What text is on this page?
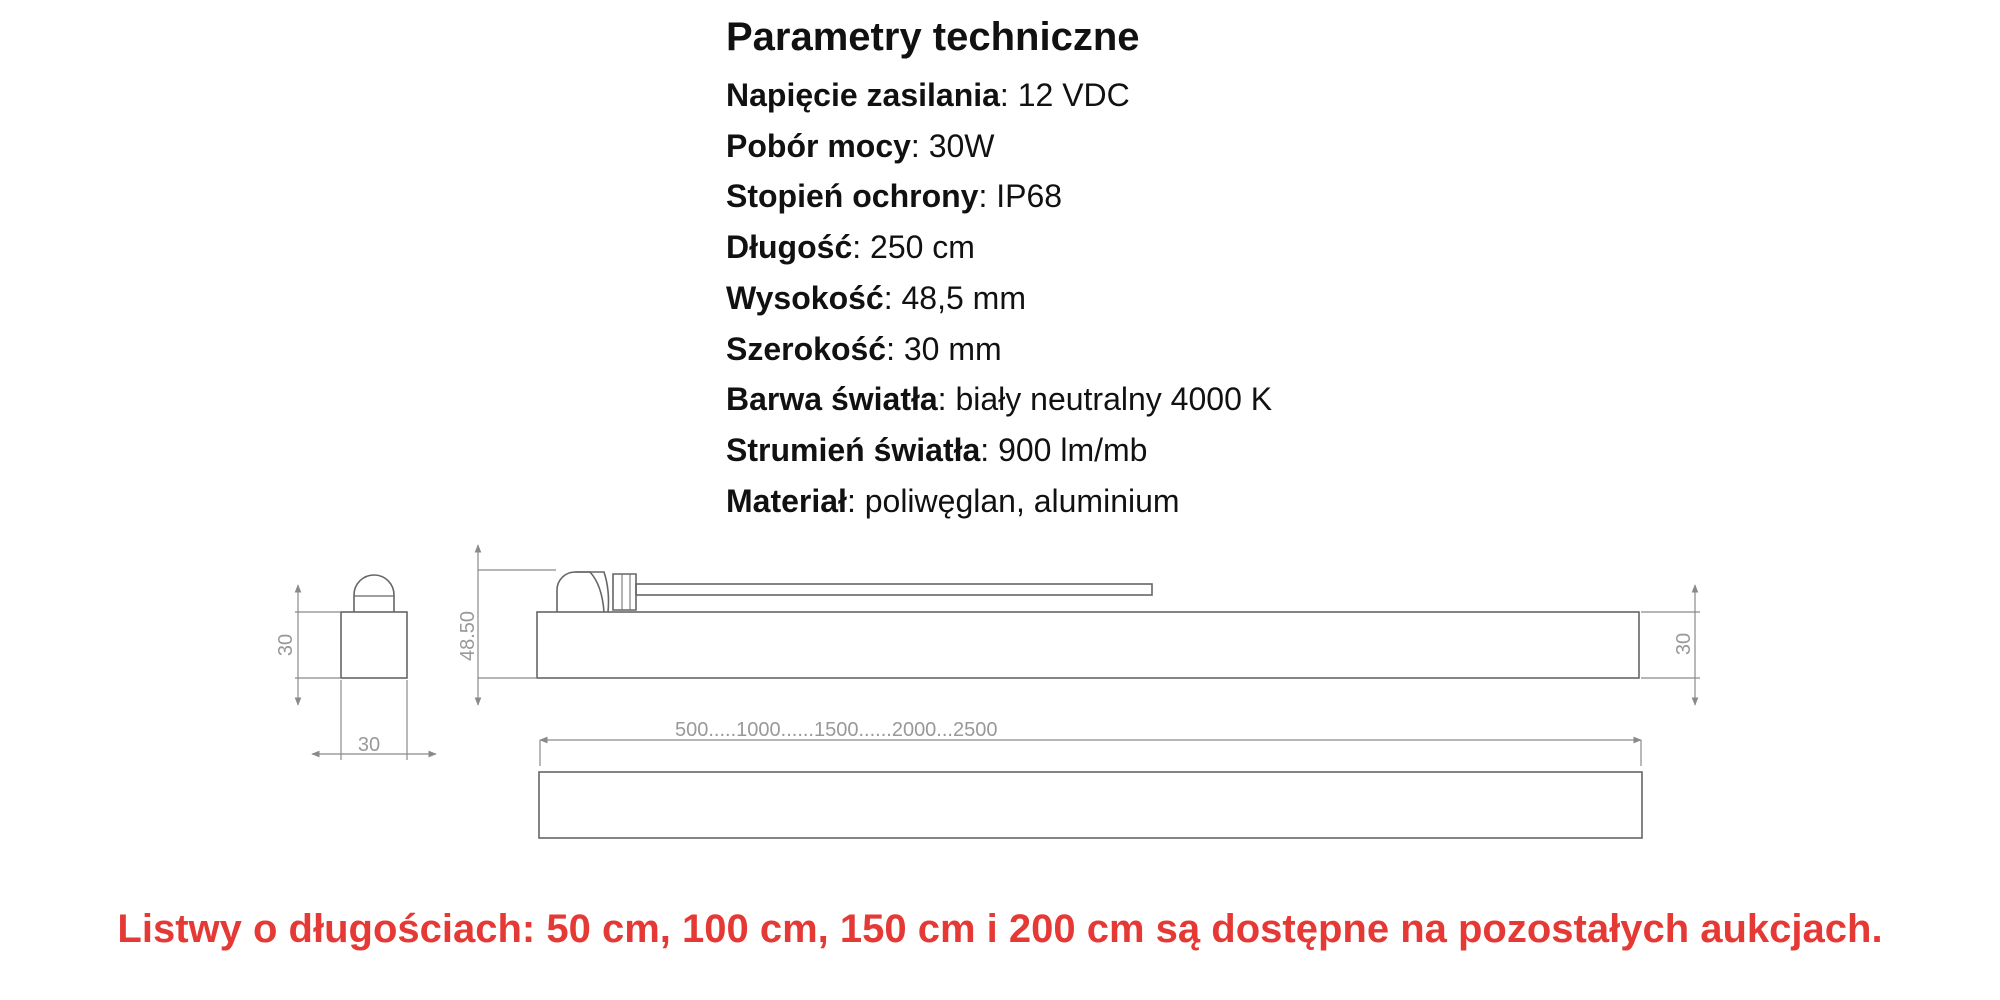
Parametry techniczne
Napięcie zasilania: 12 VDC
Pobór mocy: 30W
Stopień ochrony: IP68
Długość: 250 cm
Wysokość: 48,5 mm
Szerokość: 30 mm
Barwa światła: biały neutralny 4000 K
Strumień światła: 900 lm/mb
Materiał: poliwęglan, aluminium
30
30
48.50	30
500.....1000......1500......2000...2500
Listwy o długościach: 50 cm, 100 cm, 150 cm i 200 cm są dostępne na pozostałych aukcjach.
